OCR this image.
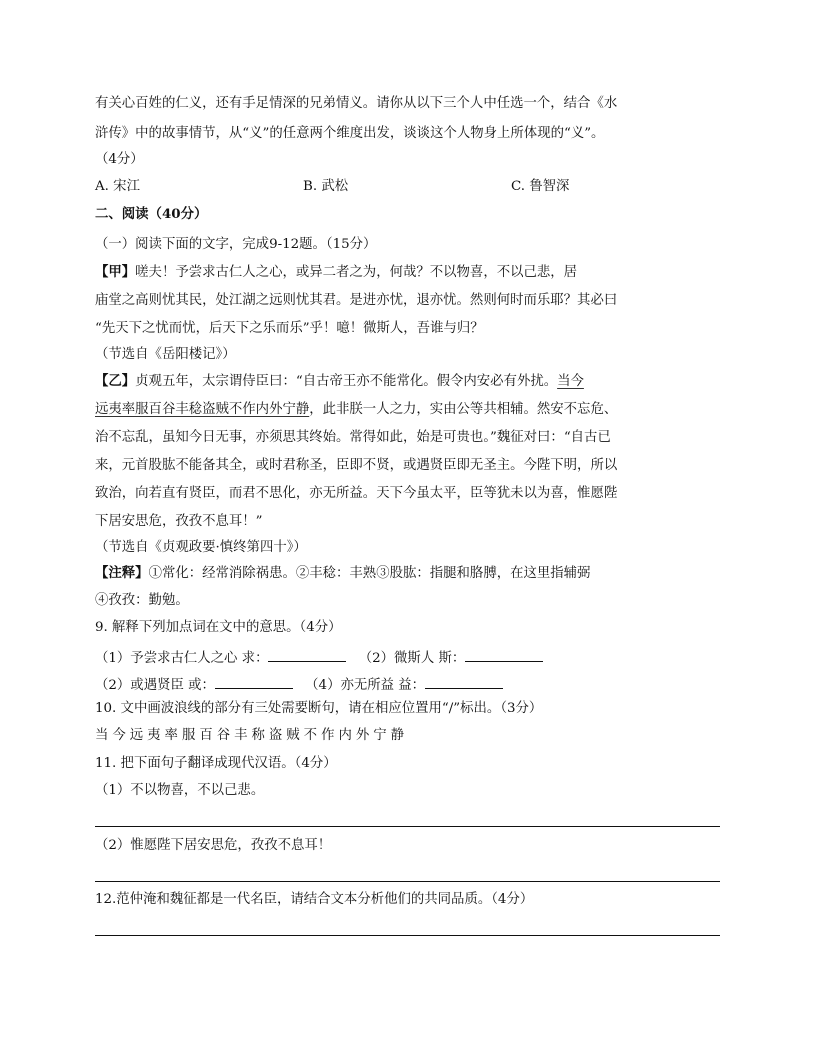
有关心百姓的仁义，还有手足情深的兄弟情义。请你从以下三个人中任选一个，结合《水
浒传》中的故事情节，从“义”的任意两个维度出发，谈谈这个人物身上所体现的“义”。
（4分）
A. 宋江	B. 武松	C. 鲁智深
二、阅读（40分）
（一）阅读下面的文字，完成9-12题。（15分）
【甲】嗟夫！予尝求古仁人之心，或异二者之为，何哉？不以物喜，不以己悲，居
庙堂之高则忧其民，处江湖之远则忧其君。是进亦忧，退亦忧。然则何时而乐耶？其必曰
“先天下之忧而忧，后天下之乐而乐”乎！噫！微斯人，吾谁与归？
（节选自《岳阳楼记》）
【乙】贞观五年，太宗谓侍臣曰：“自古帝王亦不能常化。假令内安必有外扰。当今
远夷率服百谷丰稔盗贼不作内外宁静，此非朕一人之力，实由公等共相辅。然安不忘危、
治不忘乱，虽知今日无事，亦须思其终始。常得如此，始是可贵也。”魏征对曰：“自古已
来，元首股肱不能备其全，或时君称圣，臣即不贤，或遇贤臣即无圣主。今陛下明，所以
致治，向若直有贤臣，而君不思化，亦无所益。天下今虽太平，臣等犹未以为喜，惟愿陛
下居安思危，孜孜不息耳！”
（节选自《贞观政要·慎终第四十》）
【注释】①常化：经常消除祸患。②丰稔：丰熟③股肱：指腿和胳膊，在这里指辅弼
④孜孜：勤勉。
9. 解释下列加点词在文中的意思。（4分）
（1）予尝求古仁人之心 求：	（2）微斯人 斯：
（2）或遇贤臣 或：	（4）亦无所益 益：
10. 文中画波浪线的部分有三处需要断句，请在相应位置用“/”标出。（3分）
当今远夷率服百谷丰称盗贼不作内外宁静
11. 把下面句子翻译成现代汉语。（4分）
（1）不以物喜，不以己悲。
（2）惟愿陛下居安思危，孜孜不息耳！
12.范仲淹和魏征都是一代名臣，请结合文本分析他们的共同品质。（4分）
